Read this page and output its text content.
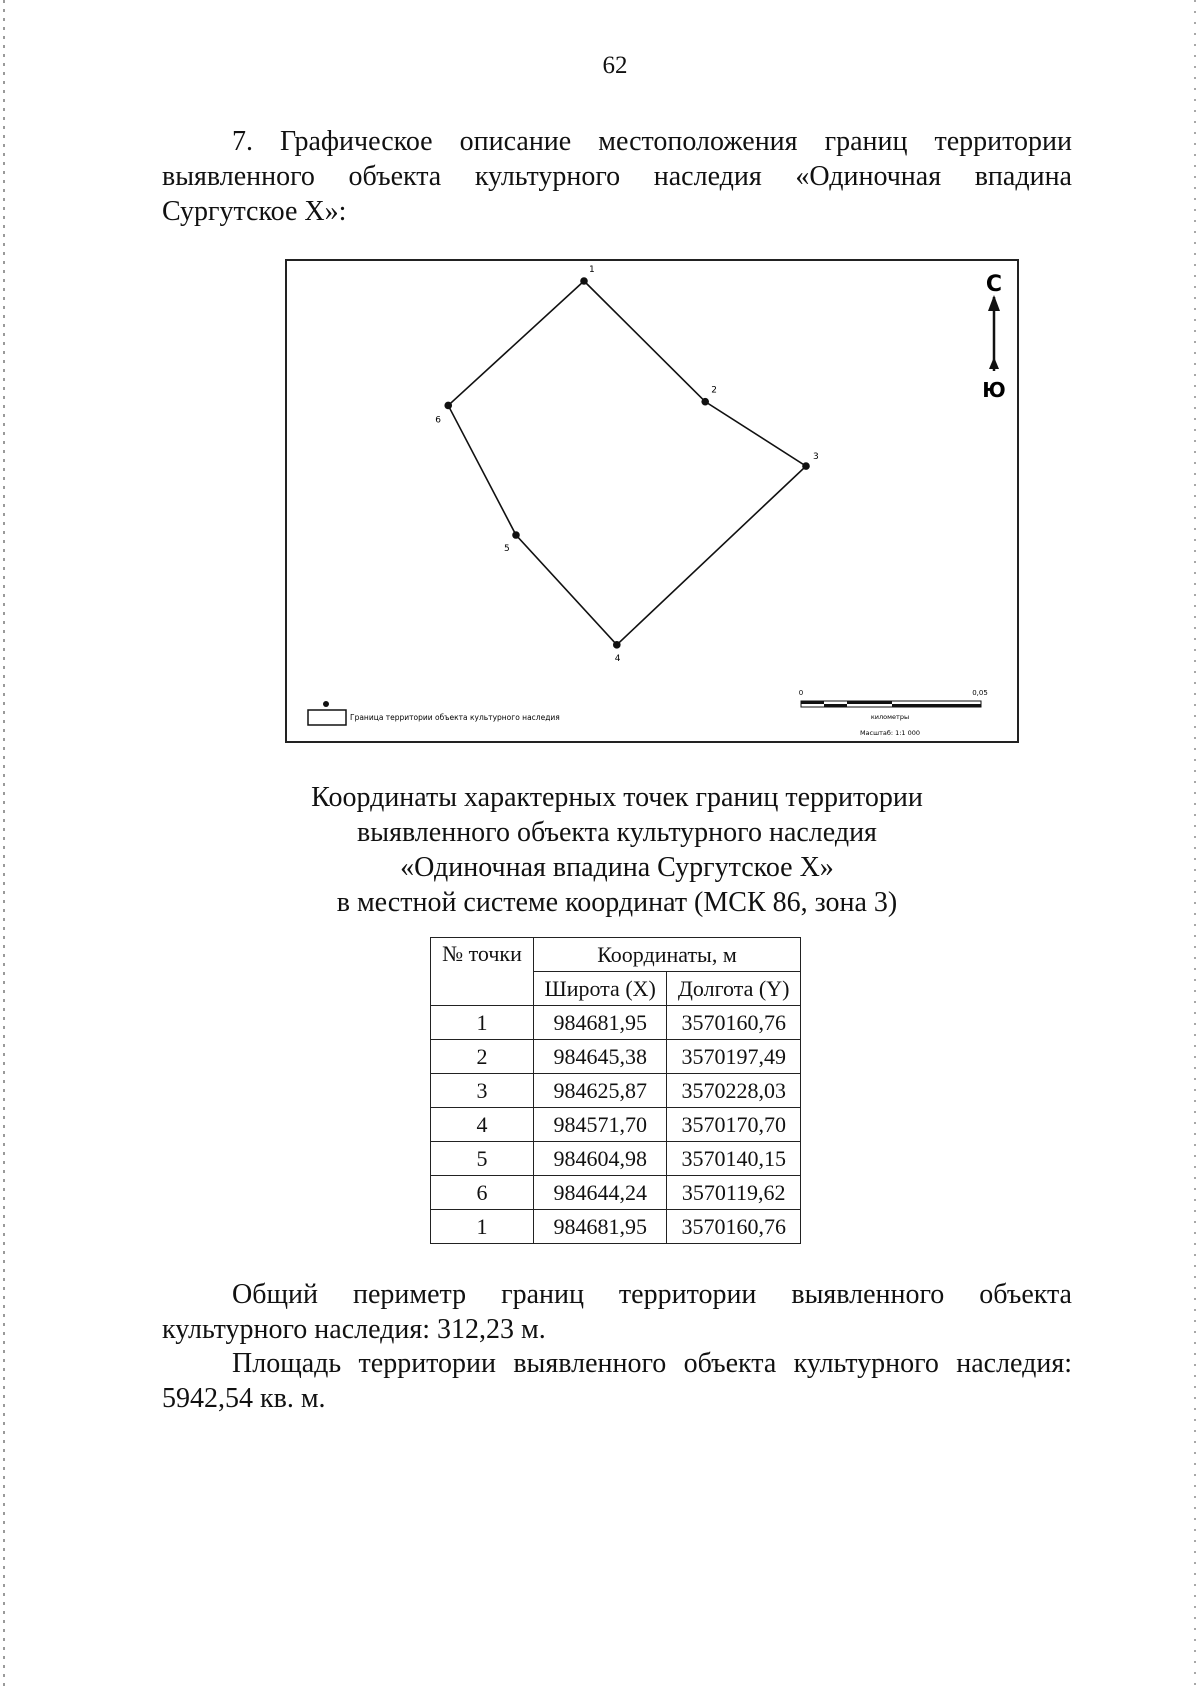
62
7. Графическое описание местоположения границ территории выявленного объекта культурного наследия «Одиночная впадина Сургутское X»:
1
2
3
4
5
6
С
Ю
Граница территории объекта культурного наследия
0	0,05
километры
Масштаб: 1:1 000
Координаты характерных точек границ территории
выявленного объекта культурного наследия
«Одиночная впадина Сургутское X»
в местной системе координат (МСК 86, зона 3)
№ точки	Координаты, м	
	Широта (X)	Долгота (Y)
1	984681,95	3570160,76
2	984645,38	3570197,49
3	984625,87	3570228,03
4	984571,70	3570170,70
5	984604,98	3570140,15
6	984644,24	3570119,62
1	984681,95	3570160,76
Общий периметр границ территории выявленного объекта культурного наследия: 312,23 м.
Площадь территории выявленного объекта культурного наследия: 5942,54 кв. м.
